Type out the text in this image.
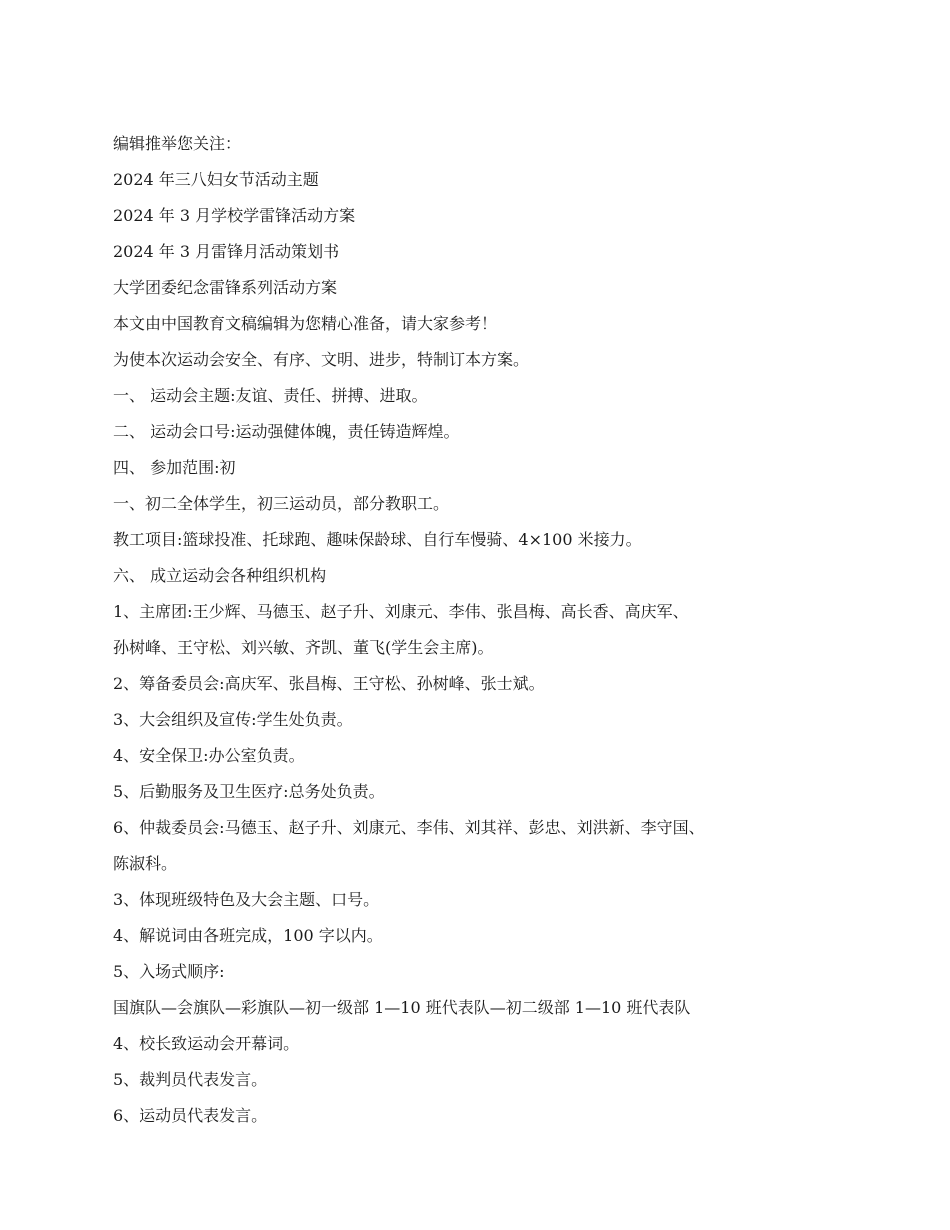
编辑推举您关注：
2024 年三八妇女节活动主题
2024 年 3 月学校学雷锋活动方案
2024 年 3 月雷锋月活动策划书
大学团委纪念雷锋系列活动方案
本文由中国教育文稿编辑为您精心准备，请大家参考！
为使本次运动会安全、有序、文明、进步，特制订本方案。
一、 运动会主题:友谊、责任、拼搏、进取。
二、 运动会口号:运动强健体魄，责任铸造辉煌。
四、 参加范围:初
一、初二全体学生，初三运动员，部分教职工。
教工项目:篮球投准、托球跑、趣味保龄球、自行车慢骑、4×100 米接力。
六、 成立运动会各种组织机构
1、主席团:王少辉、马德玉、赵子升、刘康元、李伟、张昌梅、高长香、高庆军、
孙树峰、王守松、刘兴敏、齐凯、董飞(学生会主席)。
2、筹备委员会:高庆军、张昌梅、王守松、孙树峰、张士斌。
3、大会组织及宣传:学生处负责。
4、安全保卫:办公室负责。
5、后勤服务及卫生医疗:总务处负责。
6、仲裁委员会:马德玉、赵子升、刘康元、李伟、刘其祥、彭忠、刘洪新、李守国、
陈淑科。
3、体现班级特色及大会主题、口号。
4、解说词由各班完成，100 字以内。
5、入场式顺序:
国旗队—会旗队—彩旗队—初一级部 1—10 班代表队—初二级部 1—10 班代表队
4、校长致运动会开幕词。
5、裁判员代表发言。
6、运动员代表发言。
